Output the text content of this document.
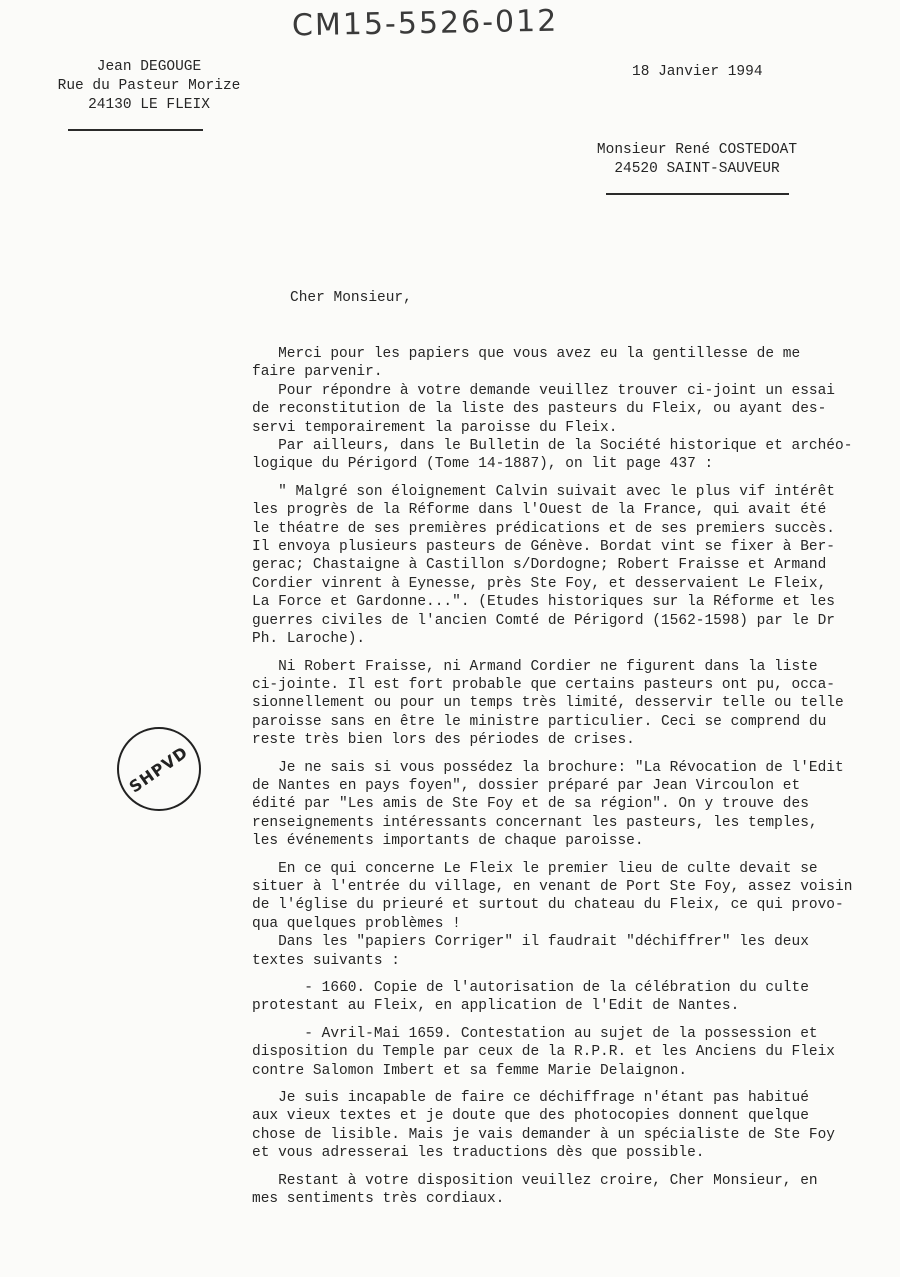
CM15-5526-012
Jean DEGOUGE
Rue du Pasteur Morize
24130 LE FLEIX
18 Janvier 1994
Monsieur René COSTEDOAT
24520 SAINT-SAUVEUR
Cher Monsieur,
Merci pour les papiers que vous avez eu la gentillesse de me
faire parvenir.
Pour répondre à votre demande veuillez trouver ci-joint un essai
de reconstitution de la liste des pasteurs du Fleix, ou ayant des-
servi temporairement la paroisse du Fleix.
Par ailleurs, dans le Bulletin de la Société historique et archéo-
logique du Périgord (Tome 14-1887), on lit page 437 :
" Malgré son éloignement Calvin suivait avec le plus vif intérêt
les progrès de la Réforme dans l'Ouest de la France, qui avait été
le théatre de ses premières prédications et de ses premiers succès.
Il envoya plusieurs pasteurs de Génève. Bordat vint se fixer à Ber-
gerac; Chastaigne à Castillon s/Dordogne; Robert Fraisse et Armand
Cordier vinrent à Eynesse, près Ste Foy, et desservaient Le Fleix,
La Force et Gardonne...". (Etudes historiques sur la Réforme et les
guerres civiles de l'ancien Comté de Périgord (1562-1598) par le Dr
Ph. Laroche).
Ni Robert Fraisse, ni Armand Cordier ne figurent dans la liste
ci-jointe. Il est fort probable que certains pasteurs ont pu, occa-
sionnellement ou pour un temps très limité, desservir telle ou telle
paroisse sans en être le ministre particulier. Ceci se comprend du
reste très bien lors des périodes de crises.
Je ne sais si vous possédez la brochure: "La Révocation de l'Edit
de Nantes en pays foyen", dossier préparé par Jean Vircoulon et
édité par "Les amis de Ste Foy et de sa région". On y trouve des
renseignements intéressants concernant les pasteurs, les temples,
les événements importants de chaque paroisse.
En ce qui concerne Le Fleix le premier lieu de culte devait se
situer à l'entrée du village, en venant de Port Ste Foy, assez voisin
de l'église du prieuré et surtout du chateau du Fleix, ce qui provo-
qua quelques problèmes !
Dans les "papiers Corriger" il faudrait "déchiffrer" les deux
textes suivants :
- 1660. Copie de l'autorisation de la célébration du culte
protestant au Fleix, en application de l'Edit de Nantes.
- Avril-Mai 1659. Contestation au sujet de la possession et
disposition du Temple par ceux de la R.P.R. et les Anciens du Fleix
contre Salomon Imbert et sa femme Marie Delaignon.
Je suis incapable de faire ce déchiffrage n'étant pas habitué
aux vieux textes et je doute que des photocopies donnent quelque
chose de lisible. Mais je vais demander à un spécialiste de Ste Foy
et vous adresserai les traductions dès que possible.
Restant à votre disposition veuillez croire, Cher Monsieur, en
mes sentiments très cordiaux.
SHPVD
